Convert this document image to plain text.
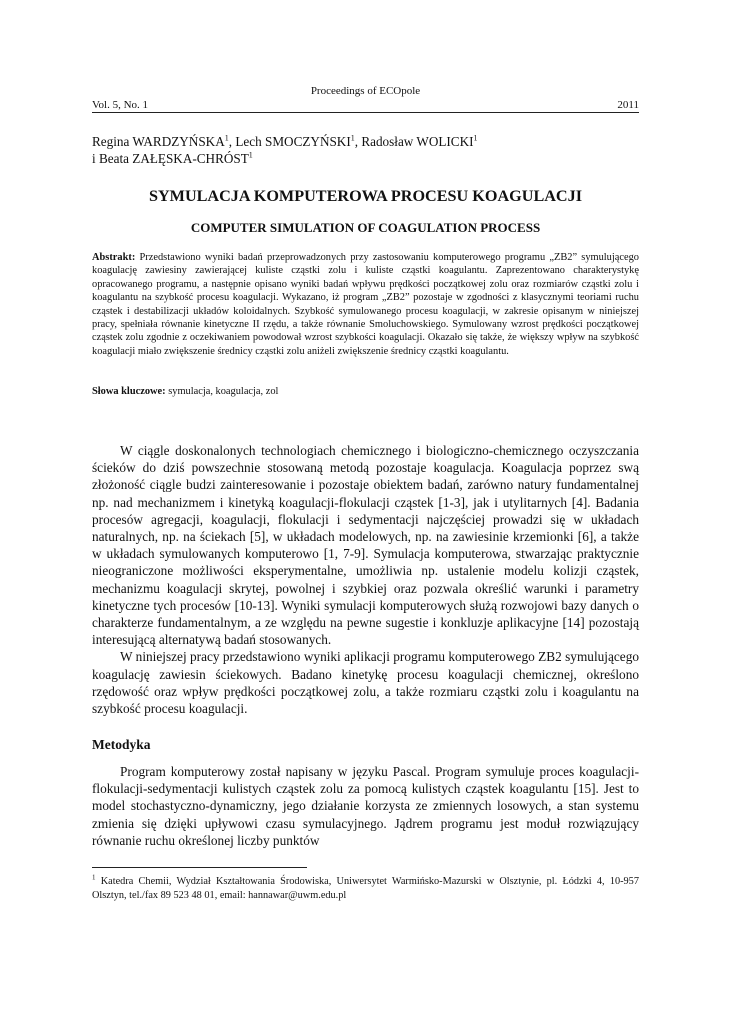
Proceedings of ECOpole
Vol. 5, No. 1	2011
Regina WARDZYŃSKA$^1$, Lech SMOCZYŃSKI$^1$, Radosław WOLICKI$^1$
i Beata ZAŁĘSKA-CHRÓST$^1$
SYMULACJA KOMPUTEROWA PROCESU KOAGULACJI
COMPUTER SIMULATION OF COAGULATION PROCESS
Abstrakt: Przedstawiono wyniki badań przeprowadzonych przy zastosowaniu komputerowego programu „ZB2” symulującego koagulację zawiesiny zawierającej kuliste cząstki zolu i kuliste cząstki koagulantu. Zaprezentowano charakterystykę opracowanego programu, a następnie opisano wyniki badań wpływu prędkości początkowej zolu oraz rozmiarów cząstki zolu i koagulantu na szybkość procesu koagulacji. Wykazano, iż program „ZB2” pozostaje w zgodności z klasycznymi teoriami ruchu cząstek i destabilizacji układów koloidalnych. Szybkość symulowanego procesu koagulacji, w zakresie opisanym w niniejszej pracy, spełniała równanie kinetyczne II rzędu, a także równanie Smoluchowskiego. Symulowany wzrost prędkości początkowej cząstek zolu zgodnie z oczekiwaniem powodował wzrost szybkości koagulacji. Okazało się także, że większy wpływ na szybkość koagulacji miało zwiększenie średnicy cząstki zolu aniżeli zwiększenie średnicy cząstki koagulantu.
Słowa kluczowe: symulacja, koagulacja, zol

W ciągle doskonalonych technologiach chemicznego i biologiczno-chemicznego oczyszczania ścieków do dziś powszechnie stosowaną metodą pozostaje koagulacja. Koagulacja poprzez swą złożoność ciągle budzi zainteresowanie i pozostaje obiektem badań, zarówno natury fundamentalnej np. nad mechanizmem i kinetyką koagulacji-flokulacji cząstek [1-3], jak i utylitarnych [4]. Badania procesów agregacji, koagulacji, flokulacji i sedymentacji najczęściej prowadzi się w układach naturalnych, np. na ściekach [5], w układach modelowych, np. na zawiesinie krzemionki [6], a także w układach symulowanych komputerowo [1, 7-9]. Symulacja komputerowa, stwarzając praktycznie nieograniczone możliwości eksperymentalne, umożliwia np. ustalenie modelu kolizji cząstek, mechanizmu koagulacji skrytej, powolnej i szybkiej oraz pozwala określić warunki i parametry kinetyczne tych procesów [10-13]. Wyniki symulacji komputerowych służą rozwojowi bazy danych o charakterze fundamentalnym, a ze względu na pewne sugestie i konkluzje aplikacyjne [14] pozostają interesującą alternatywą badań stosowanych.

W niniejszej pracy przedstawiono wyniki aplikacji programu komputerowego ZB2 symulującego koagulację zawiesin ściekowych. Badano kinetykę procesu koagulacji chemicznej, określono rzędowość oraz wpływ prędkości początkowej zolu, a także rozmiaru cząstki zolu i koagulantu na szybkość procesu koagulacji.

Metodyka

Program komputerowy został napisany w języku Pascal. Program symuluje proces koagulacji-flokulacji-sedymentacji kulistych cząstek zolu za pomocą kulistych cząstek koagulantu [15]. Jest to model stochastyczno-dynamiczny, jego działanie korzysta ze zmiennych losowych, a stan systemu zmienia się dzięki upływowi czasu symulacyjnego. Jądrem programu jest moduł rozwiązujący równanie ruchu określonej liczby punktów

$^1$ Katedra Chemii, Wydział Kształtowania Środowiska, Uniwersytet Warmińsko-Mazurski w Olsztynie, pl. Łódzki 4, 10-957 Olsztyn, tel./fax 89 523 48 01, email: hannawar@uwm.edu.pl
